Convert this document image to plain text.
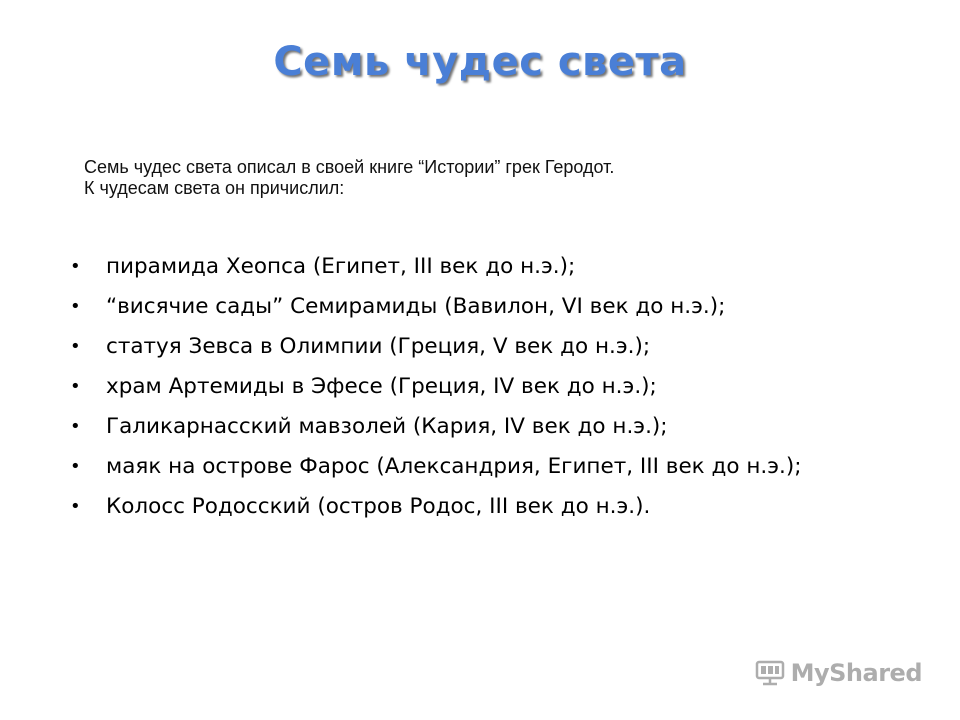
Семь чудес света
Семь чудес света описал в своей книге “Истории” грек Геродот.
К чудесам света он причислил:
•	пирамида Хеопса (Египет, III век до н.э.);
•	“висячие сады” Семирамиды (Вавилон, VI век до н.э.);
•	статуя Зевса в Олимпии (Греция, V век до н.э.);
•	храм Артемиды в Эфесе (Греция, IV век до н.э.);
•	Галикарнасский мавзолей (Кария, IV век до н.э.);
•	маяк на острове Фарос (Александрия, Египет, III век до н.э.);
•	Колосс Родосский (остров Родос, III век до н.э.).
MyShared
